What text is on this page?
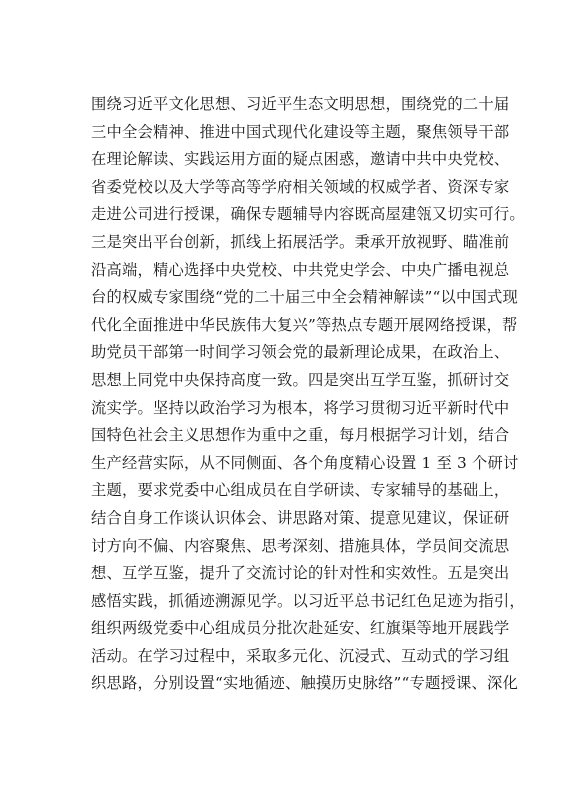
围绕习近平文化思想、习近平生态文明思想，围绕党的二十届
三中全会精神、推进中国式现代化建设等主题，聚焦领导干部
在理论解读、实践运用方面的疑点困惑，邀请中共中央党校、
省委党校以及大学等高等学府相关领域的权威学者、资深专家
走进公司进行授课，确保专题辅导内容既高屋建瓴又切实可行。
三是突出平台创新，抓线上拓展活学。秉承开放视野、瞄准前
沿高端，精心选择中央党校、中共党史学会、中央广播电视总
台的权威专家围绕“党的二十届三中全会精神解读”“以中国式现
代化全面推进中华民族伟大复兴”等热点专题开展网络授课，帮
助党员干部第一时间学习领会党的最新理论成果，在政治上、
思想上同党中央保持高度一致。四是突出互学互鉴，抓研讨交
流实学。坚持以政治学习为根本，将学习贯彻习近平新时代中
国特色社会主义思想作为重中之重，每月根据学习计划，结合
生产经营实际，从不同侧面、各个角度精心设置 1 至 3 个研讨
主题，要求党委中心组成员在自学研读、专家辅导的基础上，
结合自身工作谈认识体会、讲思路对策、提意见建议，保证研
讨方向不偏、内容聚焦、思考深刻、措施具体，学员间交流思
想、互学互鉴，提升了交流讨论的针对性和实效性。五是突出
感悟实践，抓循迹溯源见学。以习近平总书记红色足迹为指引，
组织两级党委中心组成员分批次赴延安、红旗渠等地开展践学
活动。在学习过程中，采取多元化、沉浸式、互动式的学习组
织思路，分别设置“实地循迹、触摸历史脉络”“专题授课、深化
